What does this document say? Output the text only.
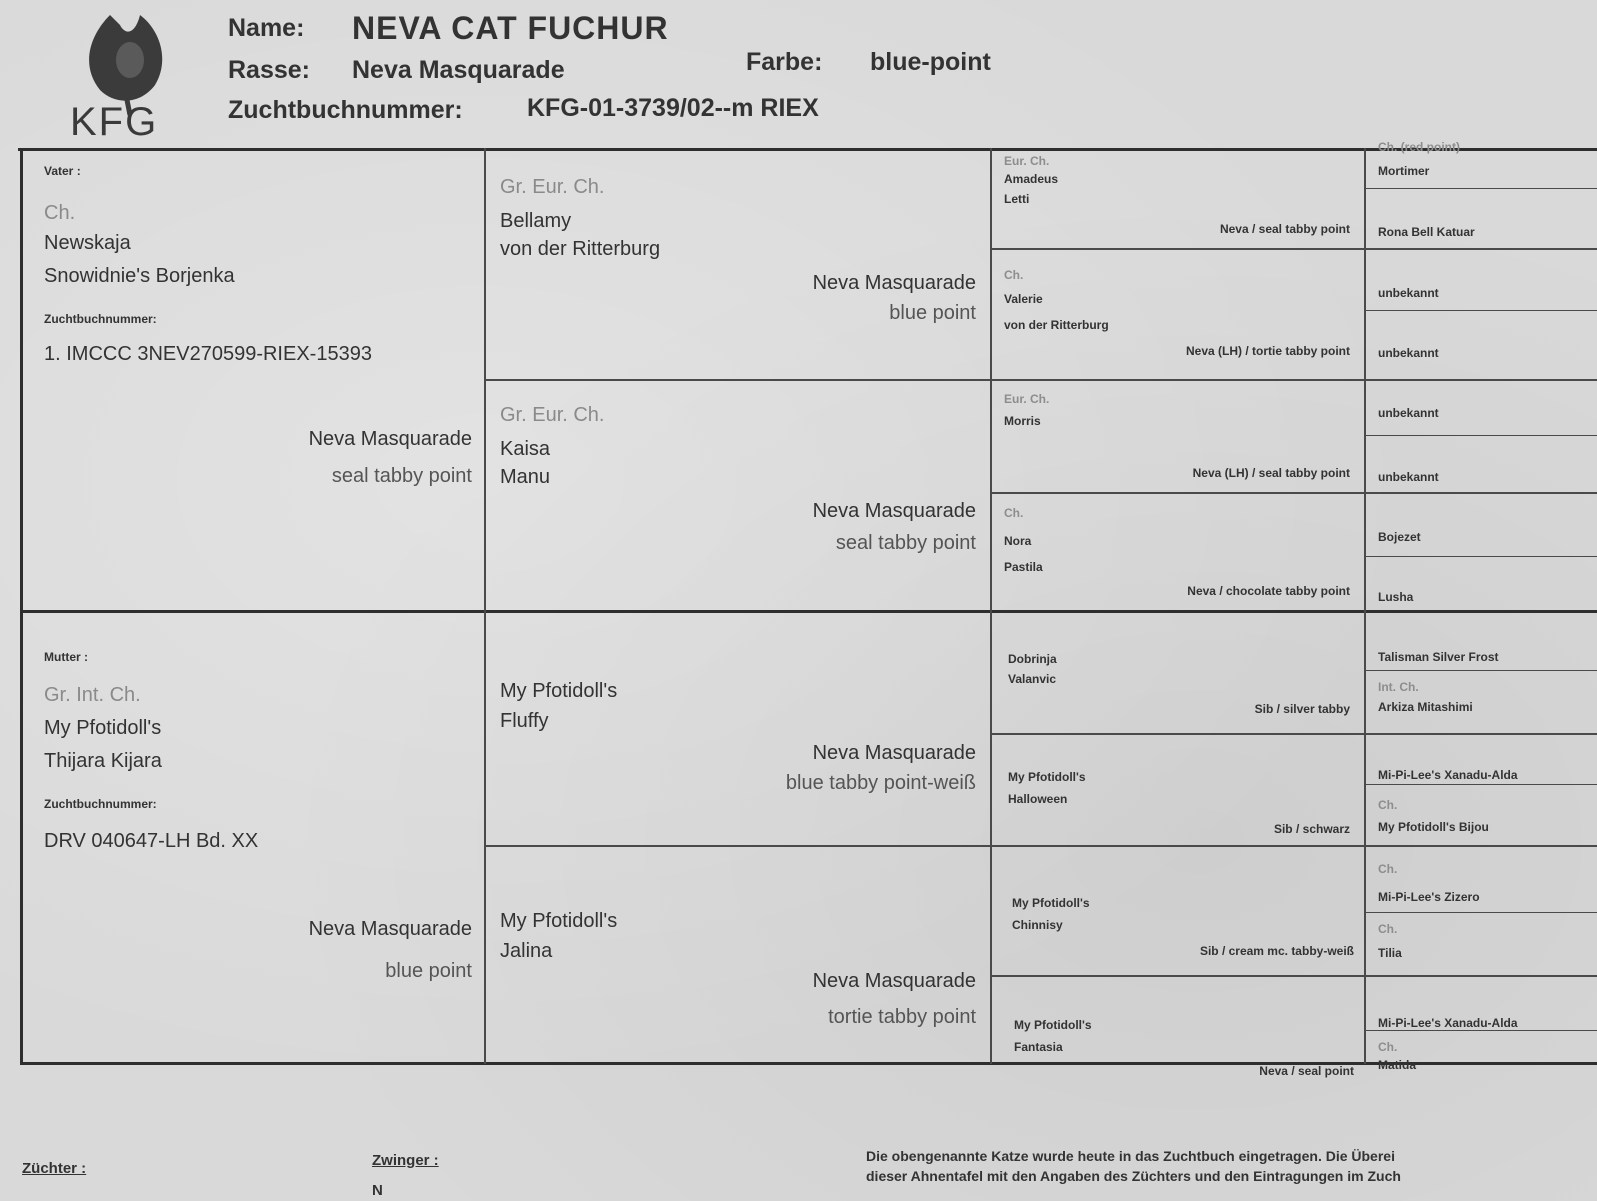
KFG
Name: NEVA CAT FUCHUR
Rasse: Neva Masquarade	Farbe: blue-point
Zuchtbuchnummer:	KFG-01-3739/02--m RIEX
Vater :
Ch.
Newskaja
Snowidnie's Borjenka
Zuchtbuchnummer:
1. IMCCC 3NEV270599-RIEX-15393
Neva Masquarade
seal tabby point
Mutter :
Gr. Int. Ch.
My Pfotidoll's
Thijara Kijara
Zuchtbuchnummer:
DRV 040647-LH Bd. XX
Neva Masquarade
blue point
Gr. Eur. Ch.
Bellamy
von der Ritterburg
Neva Masquarade
blue point
Gr. Eur. Ch.
Kaisa
Manu
Neva Masquarade
seal tabby point
My Pfotidoll's
Fluffy
Neva Masquarade
blue tabby point-weiß
My Pfotidoll's
Jalina
Neva Masquarade
tortie tabby point
Eur. Ch.
Amadeus
Letti
Neva / seal tabby point
Ch.
Valerie
von der Ritterburg
Neva (LH) / tortie tabby point
Eur. Ch.
Morris
Neva (LH) / seal tabby point
Ch.
Nora
Pastila
Neva / chocolate tabby point
Dobrinja
Valanvic
Sib / silver tabby
My Pfotidoll's
Halloween
Sib / schwarz
My Pfotidoll's
Chinnisy
Sib / cream mc. tabby-weiß
My Pfotidoll's
Fantasia
Neva / seal point
Ch. (red point)
Mortimer
Rona Bell Katuar
unbekannt
unbekannt
unbekannt
unbekannt
Bojezet
Lusha
Talisman Silver Frost
Int. Ch.
Arkiza Mitashimi
Mi-Pi-Lee's Xanadu-Alda
Ch.
My Pfotidoll's Bijou
Ch.
Mi-Pi-Lee's Zizero
Ch.
Tilia
Mi-Pi-Lee's Xanadu-Alda
Ch.
Matida
Züchter :	Zwinger :
N
Die obengenannte Katze wurde heute in das Zuchtbuch eingetragen. Die Überei
dieser Ahnentafel mit den Angaben des Züchters und den Eintragungen im Zuch
